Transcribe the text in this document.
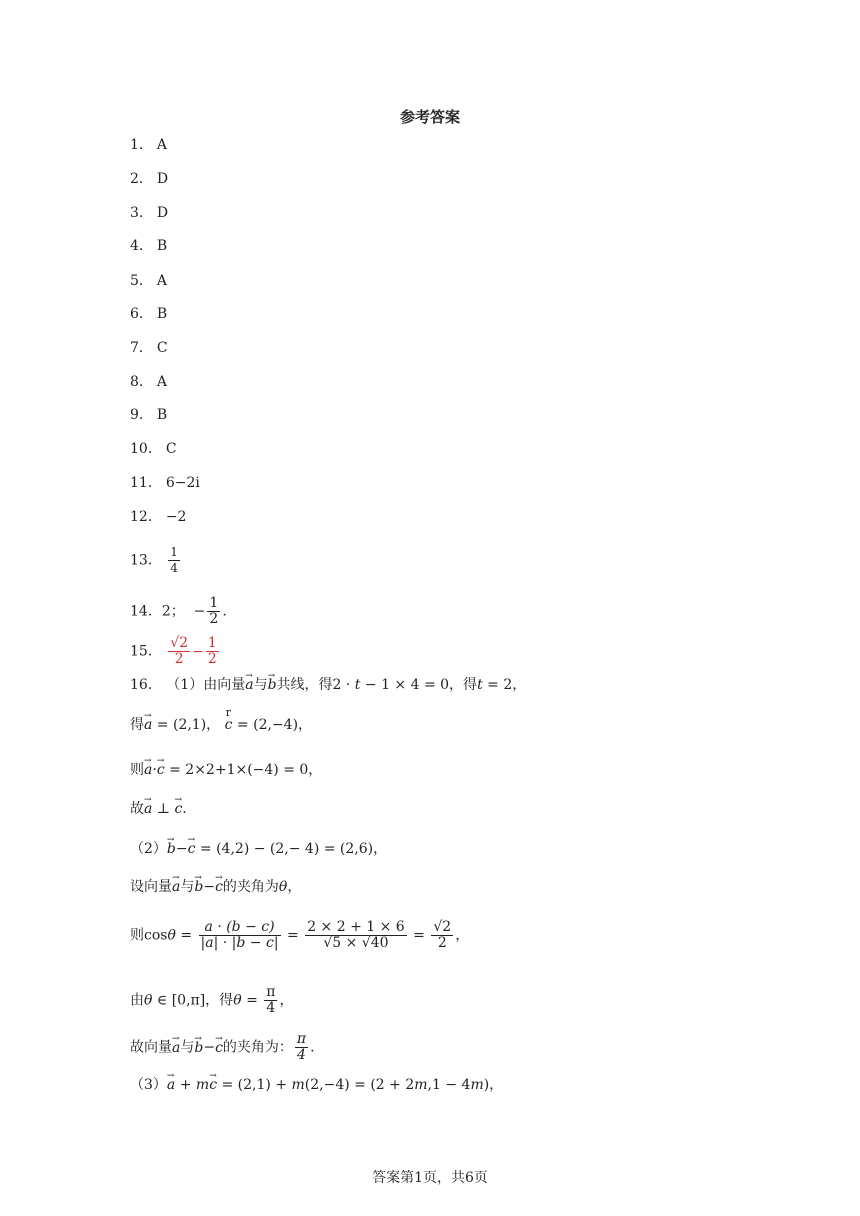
参考答案
1． A
2． D
3． D
4． B
5． A
6． B
7． C
8． A
9． B
10． C
11． 6−2i
12． −2
13． $\frac{1}{4}$
14．2； − $\frac{1}{2}$ .
15． $\frac{√2}{2} - \frac{1}{2}$
16． （1）由向量→ a与→ b共线，得2 · t − 1 × 4 = 0，得t = 2，
得→ a = (2,1)，
r
c = (2,−4)，
则→ a·→ c = 2×2+1×(−4) = 0，
故→ a ⊥ → c.
（2）→ b−→ c = (4,2) − (2,− 4) = (2,6)，
设向量→ a与→ b−→ c的夹角为θ，
则$\cos\theta = \frac{a \cdot (b - c)}{|a| \cdot |b - c|} = \frac{2 \times 2 + 1 \times 6}{√5 \times √40} = \frac{√2}{2}$ ，
由θ ∈ [0,π]，得$\theta = \frac{\pi}{4}$ ，
故向量→ a与→ b−→ c的夹角为： $\frac{\pi}{4}$ .
（3）→ a + m→ c = (2,1) + m(2,−4) = (2 + 2m,1 − 4m)，
答案第1页，共6页
